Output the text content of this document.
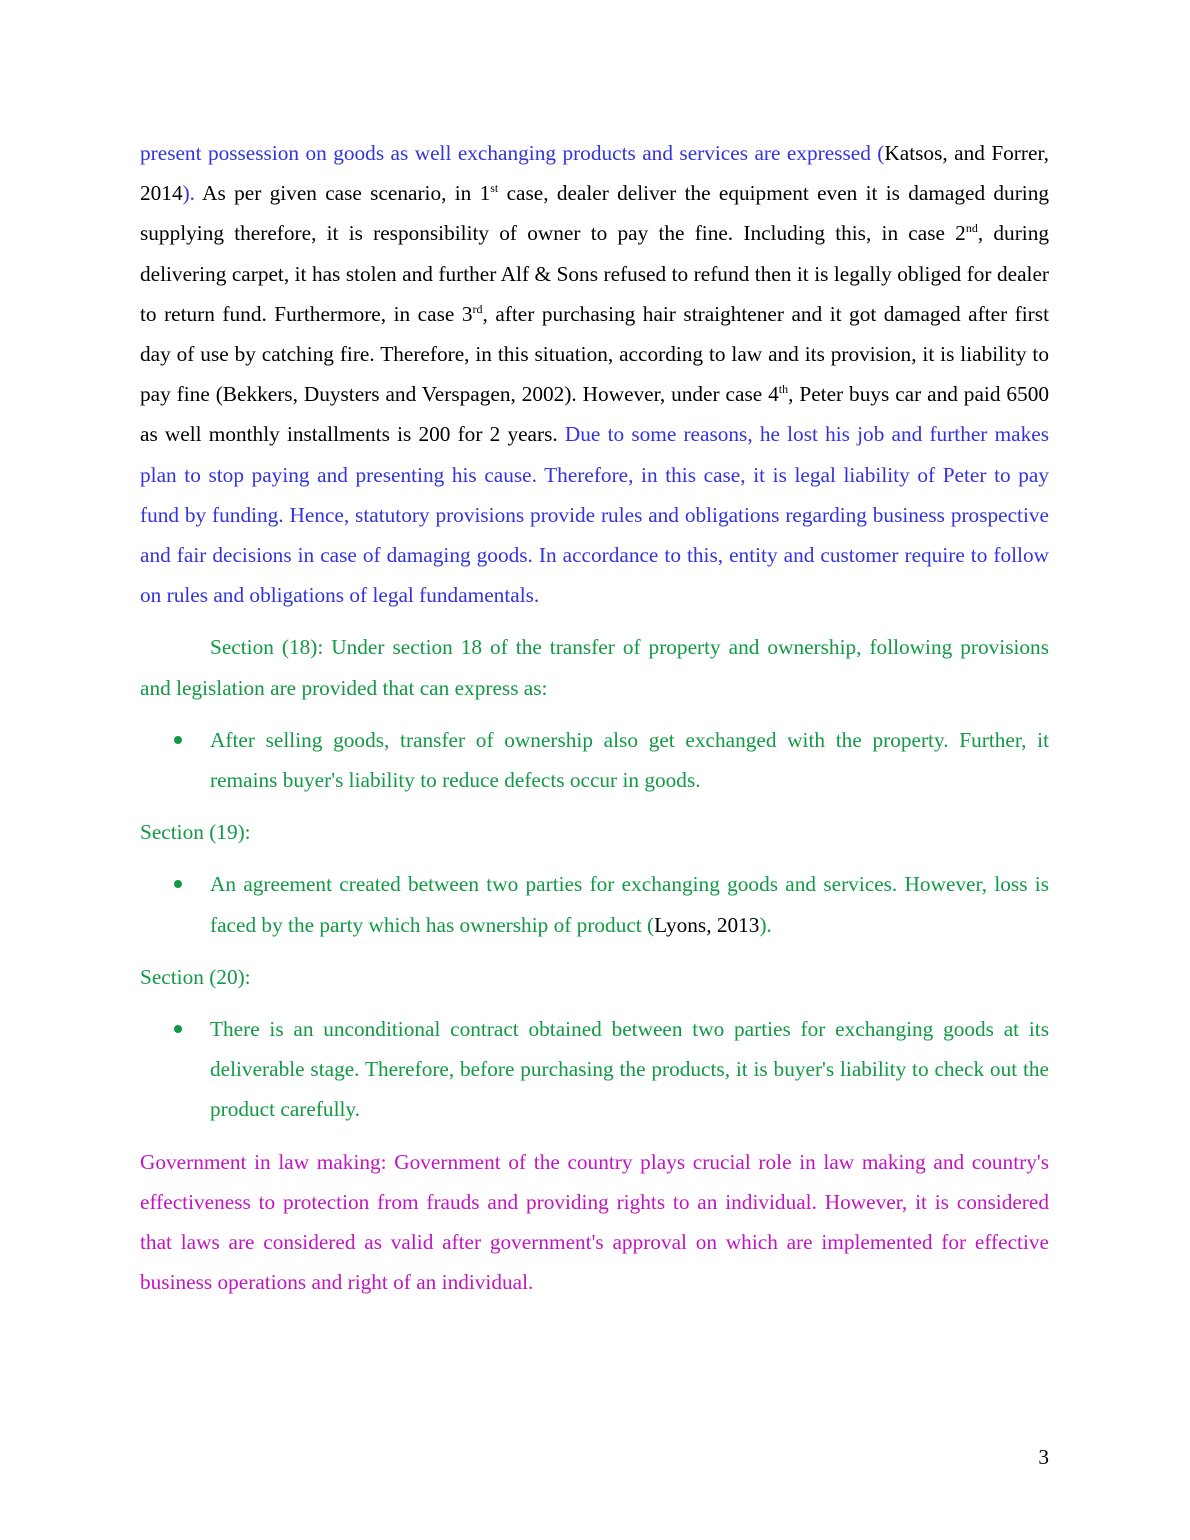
present possession on goods as well exchanging products and services are expressed (Katsos, and Forrer, 2014). As per given case scenario, in 1st case, dealer deliver the equipment even it is damaged during supplying therefore, it is responsibility of owner to pay the fine. Including this, in case 2nd, during delivering carpet, it has stolen and further Alf & Sons refused to refund then it is legally obliged for dealer to return fund. Furthermore, in case 3rd, after purchasing hair straightener and it got damaged after first day of use by catching fire. Therefore, in this situation, according to law and its provision, it is liability to pay fine (Bekkers, Duysters and Verspagen, 2002). However, under case 4th, Peter buys car and paid 6500 as well monthly installments is 200 for 2 years. Due to some reasons, he lost his job and further makes plan to stop paying and presenting his cause. Therefore, in this case, it is legal liability of Peter to pay fund by funding. Hence, statutory provisions provide rules and obligations regarding business prospective and fair decisions in case of damaging goods. In accordance to this, entity and customer require to follow on rules and obligations of legal fundamentals.

Section (18): Under section 18 of the transfer of property and ownership, following provisions and legislation are provided that can express as:

After selling goods, transfer of ownership also get exchanged with the property. Further, it remains buyer's liability to reduce defects occur in goods.

Section (19):

An agreement created between two parties for exchanging goods and services. However, loss is faced by the party which has ownership of product (Lyons, 2013).

Section (20):

There is an unconditional contract obtained between two parties for exchanging goods at its deliverable stage. Therefore, before purchasing the products, it is buyer's liability to check out the product carefully.

Government in law making: Government of the country plays crucial role in law making and country's effectiveness to protection from frauds and providing rights to an individual. However, it is considered that laws are considered as valid after government's approval on which are implemented for effective business operations and right of an individual.

3
